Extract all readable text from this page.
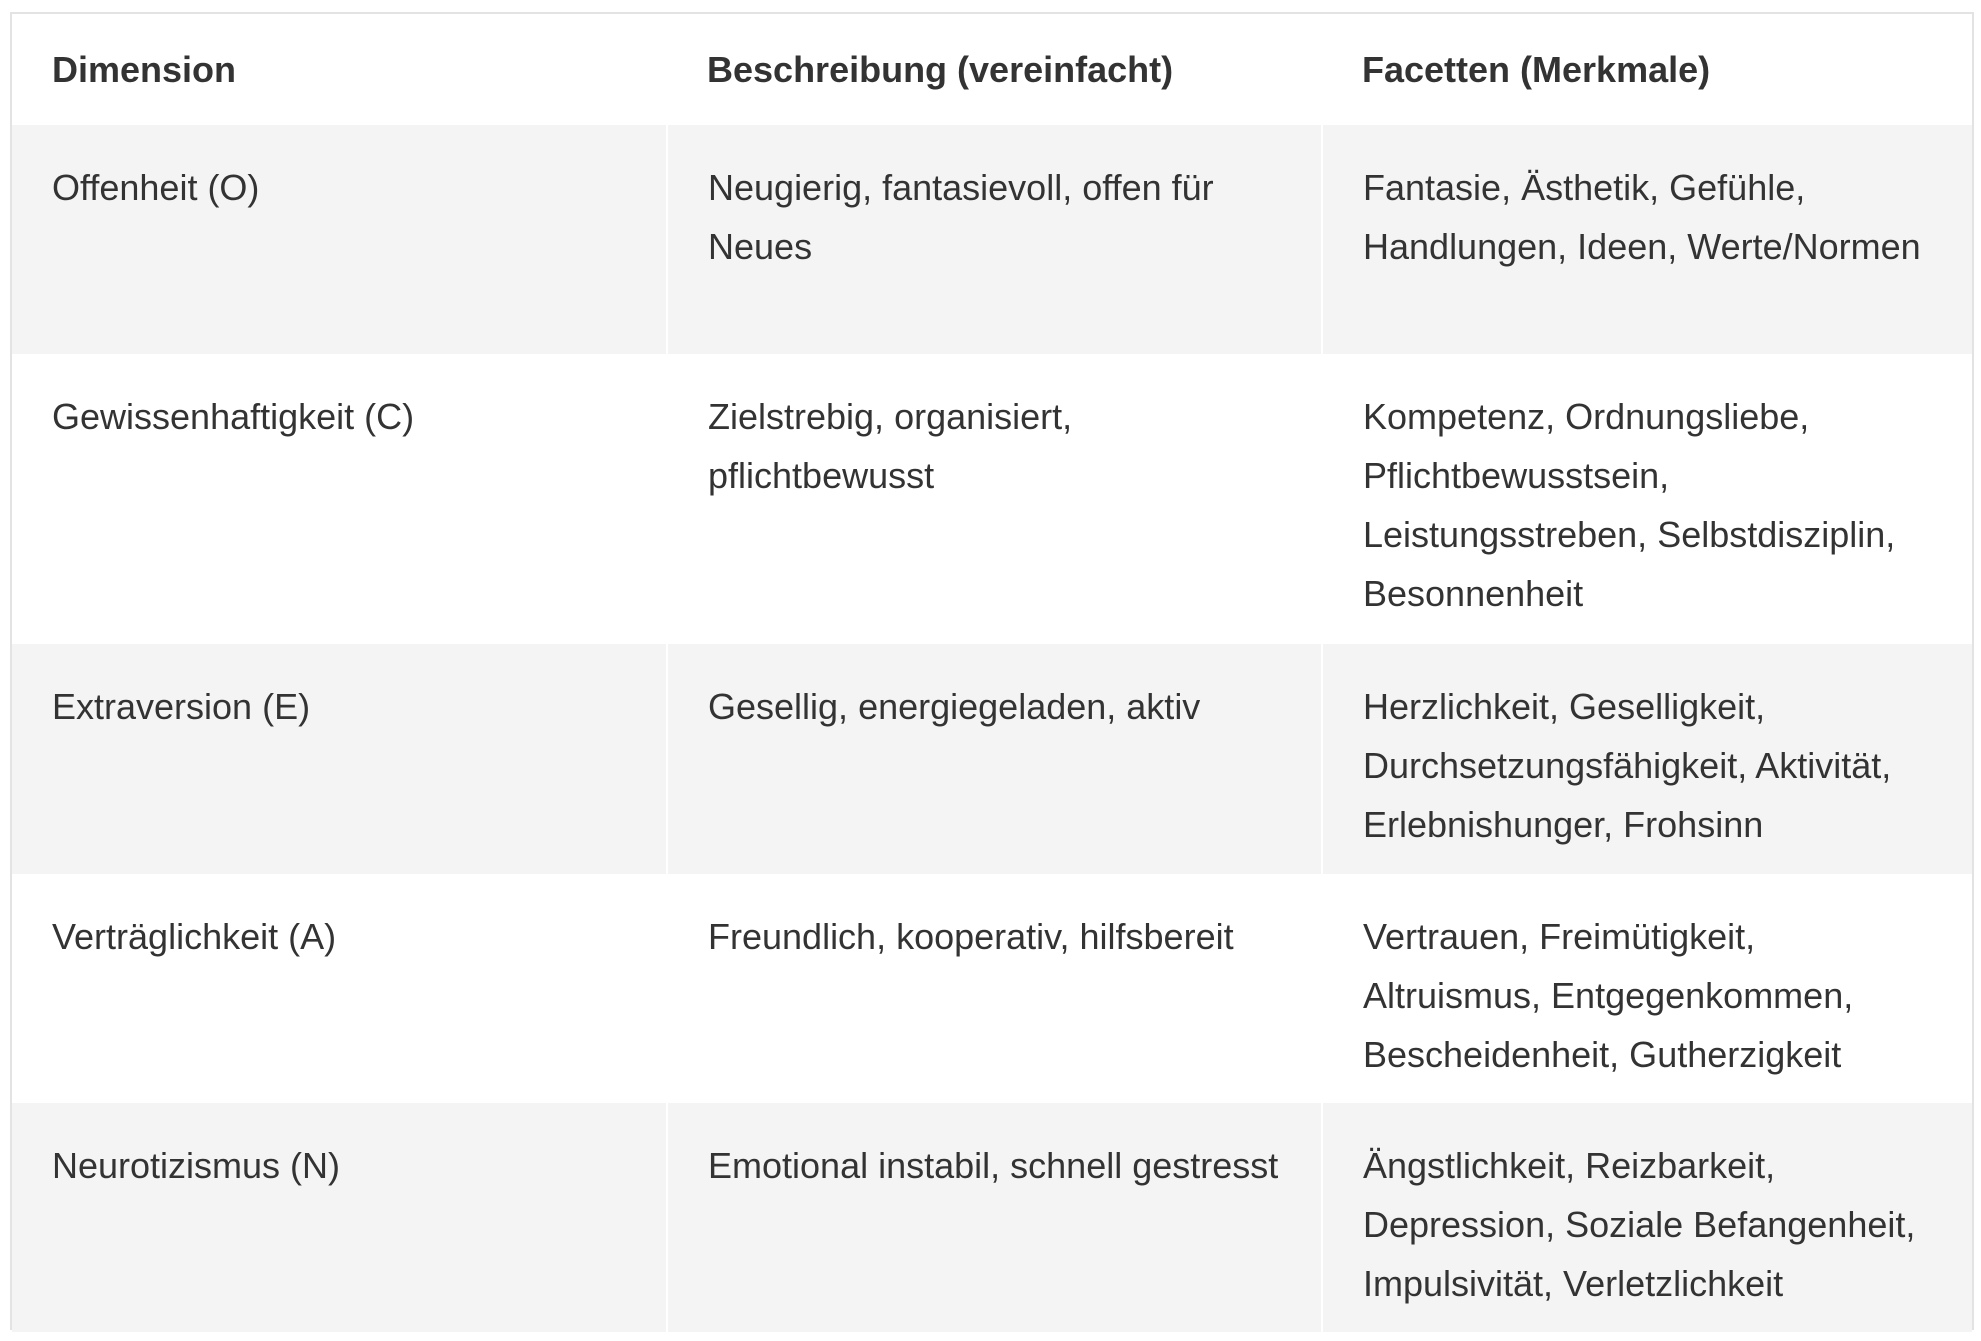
Dimension	Beschreibung (vereinfacht)	Facetten (Merkmale)
Offenheit (O)	Neugierig, fantasievoll, offen für Neues	Fantasie, Ästhetik, Gefühle, Handlungen, Ideen, Werte/Normen
Gewissenhaftigkeit (C)	Zielstrebig, organisiert, pflichtbewusst	Kompetenz, Ordnungsliebe, Pflichtbewusstsein, Leistungsstreben, Selbstdisziplin, Besonnenheit
Extraversion (E)	Gesellig, energiegeladen, aktiv	Herzlichkeit, Geselligkeit, Durchsetzungsfähigkeit, Aktivität, Erlebnishunger, Frohsinn
Verträglichkeit (A)	Freundlich, kooperativ, hilfsbereit	Vertrauen, Freimütigkeit, Altruismus, Entgegenkommen, Bescheidenheit, Gutherzigkeit
Neurotizismus (N)	Emotional instabil, schnell gestresst	Ängstlichkeit, Reizbarkeit, Depression, Soziale Befangenheit, Impulsivität, Verletzlichkeit
